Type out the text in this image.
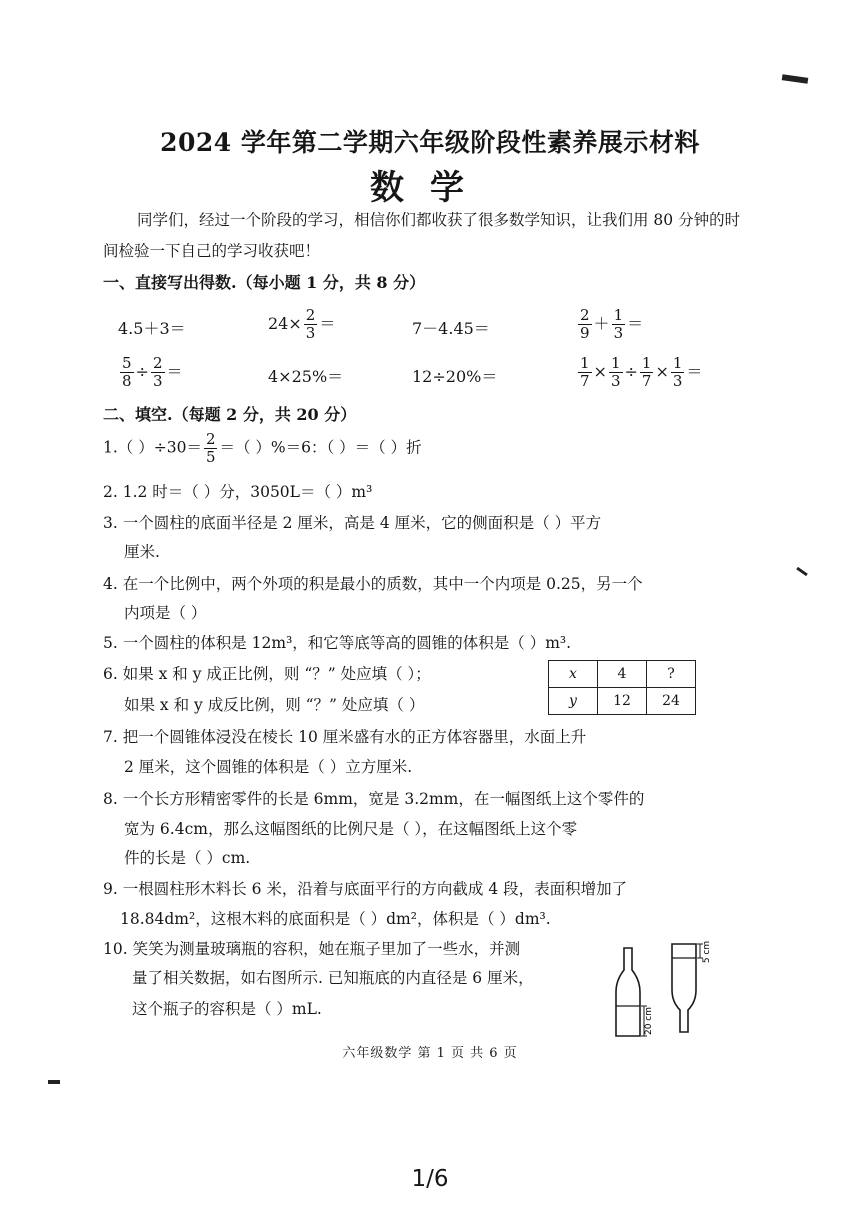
2024 学年第二学期六年级阶段性素养展示材料
数学
同学们，经过一个阶段的学习，相信你们都收获了很多数学知识，让我们用 80 分钟的时间检验一下自己的学习收获吧！
一、直接写出得数.（每小题 1 分，共 8 分）
4.5＋3＝	$24\times \frac{2}{3}$ ＝	7－4.45＝	$\frac{2}{9} + \frac{1}{3}$ ＝
$\frac{5}{8} \div \frac{2}{3}$ ＝	4×25%＝	12÷20%＝	$\frac{1}{7} \times \frac{1}{3} \div \frac{1}{7} \times \frac{1}{3}$ ＝
二、填空.（每题 2 分，共 20 分）
1.（ ）$\div 30= \frac{2}{5}$ ＝（ ）%＝6：（ ）＝（ ）折
2. 1.2 时＝（ ）分，3050L＝（ ）m³
3. 一个圆柱的底面半径是 2 厘米，高是 4 厘米，它的侧面积是（ ）平方
厘米.
4. 在一个比例中，两个外项的积是最小的质数，其中一个内项是 0.25，另一个
内项是（ ）
5. 一个圆柱的体积是 12m³，和它等底等高的圆锥的体积是（ ）m³.
6. 如果 x 和 y 成正比例，则 “？” 处应填（ ）；
如果 x 和 y 成反比例，则 “？” 处应填（ ）
x	4	?
y	12	24
7. 把一个圆锥体浸没在棱长 10 厘米盛有水的正方体容器里，水面上升
2 厘米，这个圆锥的体积是（ ）立方厘米.
8. 一个长方形精密零件的长是 6mm，宽是 3.2mm，在一幅图纸上这个零件的
宽为 6.4cm，那么这幅图纸的比例尺是（ ），在这幅图纸上这个零
件的长是（ ）cm.
9. 一根圆柱形木料长 6 米，沿着与底面平行的方向截成 4 段，表面积增加了
18.84dm²，这根木料的底面积是（ ）dm²，体积是（ ）dm³.
10. 笑笑为测量玻璃瓶的容积，她在瓶子里加了一些水，并测
量了相关数据，如右图所示. 已知瓶底的内直径是 6 厘米，
这个瓶子的容积是（ ）mL.	20 cm
5 cm
六年级数学 第 1 页 共 6 页
1/6
